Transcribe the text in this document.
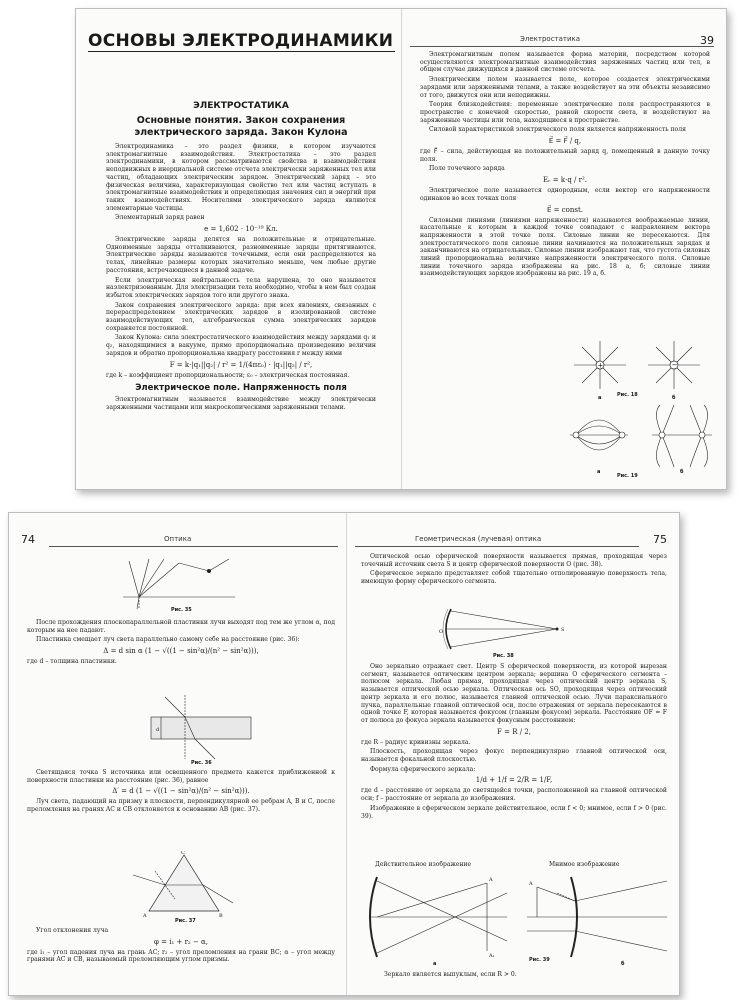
ОСНОВЫ ЭЛЕКТРОДИНАМИКИ
ЭЛЕКТРОСТАТИКА
Основные понятия. Закон сохранения электрического заряда. Закон Кулона

Электродинамика – это раздел физики, в котором изучаются электромагнитные взаимодействия. Электростатика – это раздел электродинамики, в котором рассматриваются свойства и взаимодействия неподвижных в инерциальной системе отсчета электрически заряженных тел или частиц, обладающих электрическим зарядом. Электрический заряд – это физическая величина, характеризующая свойство тел или частиц вступать в электромагнитные взаимодействия и определяющая значения сил и энергий при таких взаимодействиях. Носителями электрического заряда являются элементарные частицы.

Элементарный заряд равен

e = 1,602 · 10⁻¹⁹ Кл.

Электрические заряды делятся на положительные и отрицательные. Одноименные заряды отталкиваются, разноименные заряды притягиваются. Электрические заряды называются точечными, если они распределяются на телах, линейные размеры которых значительно меньше, чем любые другие расстояния, встречающиеся в данной задаче.

Если электрическая нейтральность тела нарушена, то оно называется наэлектризованным. Для электризации тела необходимо, чтобы в нем был создан избыток электрических зарядов того или другого знака.

Закон сохранения электрического заряда: при всех явлениях, связанных с перераспределением электрических зарядов в изолированной системе взаимодействующих тел, алгебраическая сумма электрических зарядов сохраняется постоянной.

Закон Кулона: сила электростатического взаимодействия между зарядами q₁ и q₂, находящимися в вакууме, прямо пропорциональна произведению величин зарядов и обратно пропорциональна квадрату расстояния r между ними

F = k·|q₁||q₂| / r² = 1/(4πε₀) · |q₁||q₂| / r²,

где k – коэффициент пропорциональности; ε₀ – электрическая постоянная.

Электрическое поле. Напряженность поля

Электромагнитным называется взаимодействие между электрически заряженными частицами или макроскопическими заряженными телами.

Электростатика	39

Электромагнитным полем называется форма материи, посредством которой осуществляются электромагнитные взаимодействия заряженных частиц или тел, в общем случае движущихся в данной системе отсчета.

Электрическим полем называется поле, которое создается электрическими зарядами или заряженными телами, а также воздействует на эти объекты независимо от того, движутся они или неподвижны.

Теория близкодействия: переменные электрические поля распространяются в пространстве с конечной скоростью, равной скорости света, и воздействуют на заряженные частицы или тела, находящиеся в пространстве.

Силовой характеристикой электрического поля является напряженность поля

E⃗ = F⃗ / q,

где F⃗ – сила, действующая на положительный заряд q, помещенный в данную точку поля.

Поле точечного заряда

Eᵣ = k·q / r².

Электрическое поле называется однородным, если вектор его напряженности одинаков во всех точках поля

E⃗ = const.

Силовыми линиями (линиями напряженности) называются воображаемые линии, касательные к которым в каждой точке совпадают с направлением вектора напряженности в этой точке поля. Силовые линии не пересекаются. Для электростатического поля силовые линии начинаются на положительных зарядах и заканчиваются на отрицательных. Силовые линии изображают так, что густота силовых линий пропорциональна величине напряженности электрического поля. Силовые линии точечного заряда изображены на рис. 18 а, б; силовые линии взаимодействующих зарядов изображены на рис. 19 а, б.

+	−
а	б
Рис. 18
а	б
Рис. 19
74	Оптика
Рис. 35

После прохождения плоскопараллельной пластинки лучи выходят под тем же углом α, под которым на нее падают.

Пластинка смещает луч света параллельно самому себе на расстояние (рис. 36):

Δ = d sin α (1 − √((1 − sin²α)/(n² − sin²α))),

где d – толщина пластинки.

d
Рис. 36

Светящаяся точка S источника или освещенного предмета кажется приближенной к поверхности пластинки на расстояние (рис. 36), равное

Δ′ = d (1 − √((1 − sin²α)/(n² − sin²α))).

Луч света, падающий на призму в плоскости, перпендикулярной ее ребрам A, B и C, после преломления на гранях AC и CB отклоняется к основанию AB (рис. 37).

C
A	B
Рис. 37

Угол отклонения луча

φ = i₁ + r₂ − α,

где i₁ – угол падения луча на грань AC; r₂ – угол преломления на грани BC; α – угол между гранями AC и CB, называемый преломляющим углом призмы.

Геометрическая (лучевая) оптика	75

Оптической осью сферической поверхности называется прямая, проходящая через точечный источник света S и центр сферической поверхности O (рис. 38).

Сферическое зеркало представляет собой тщательно отполированную поверхность тела, имеющую форму сферического сегмента.

S
O
Рис. 38

Оно зеркально отражает свет. Центр S сферической поверхности, из которой вырезан сегмент, называется оптическим центром зеркала; вершина O сферического сегмента – полюсом зеркала. Любая прямая, проходящая через оптический центр зеркала S, называется оптической осью зеркала. Оптическая ось SO, проходящая через оптический центр зеркала и его полюс, называется главной оптической осью. Лучи параксиального пучка, параллельные главной оптической оси, после отражения от зеркала пересекаются в одной точке F, которая называется фокусом (главным фокусом) зеркала. Расстояние OF = F от полюса до фокуса зеркала называется фокусным расстоянием:

F = R / 2,

где R – радиус кривизны зеркала.

Плоскость, проходящая через фокус перпендикулярно главной оптической оси, называется фокальной плоскостью.

Формула сферического зеркала:

1/d + 1/f = 2/R = 1/F,

где d – расстояние от зеркала до светящейся точки, расположенной на главной оптической оси; f – расстояние от зеркала до изображения.

Изображение в сферическом зеркале действительное, если f < 0; мнимое, если f > 0 (рис. 39).

Действительное изображение	Мнимое изображение
A
A₁
а
A
б
Рис. 39

Зеркало является выпуклым, если R > 0.
